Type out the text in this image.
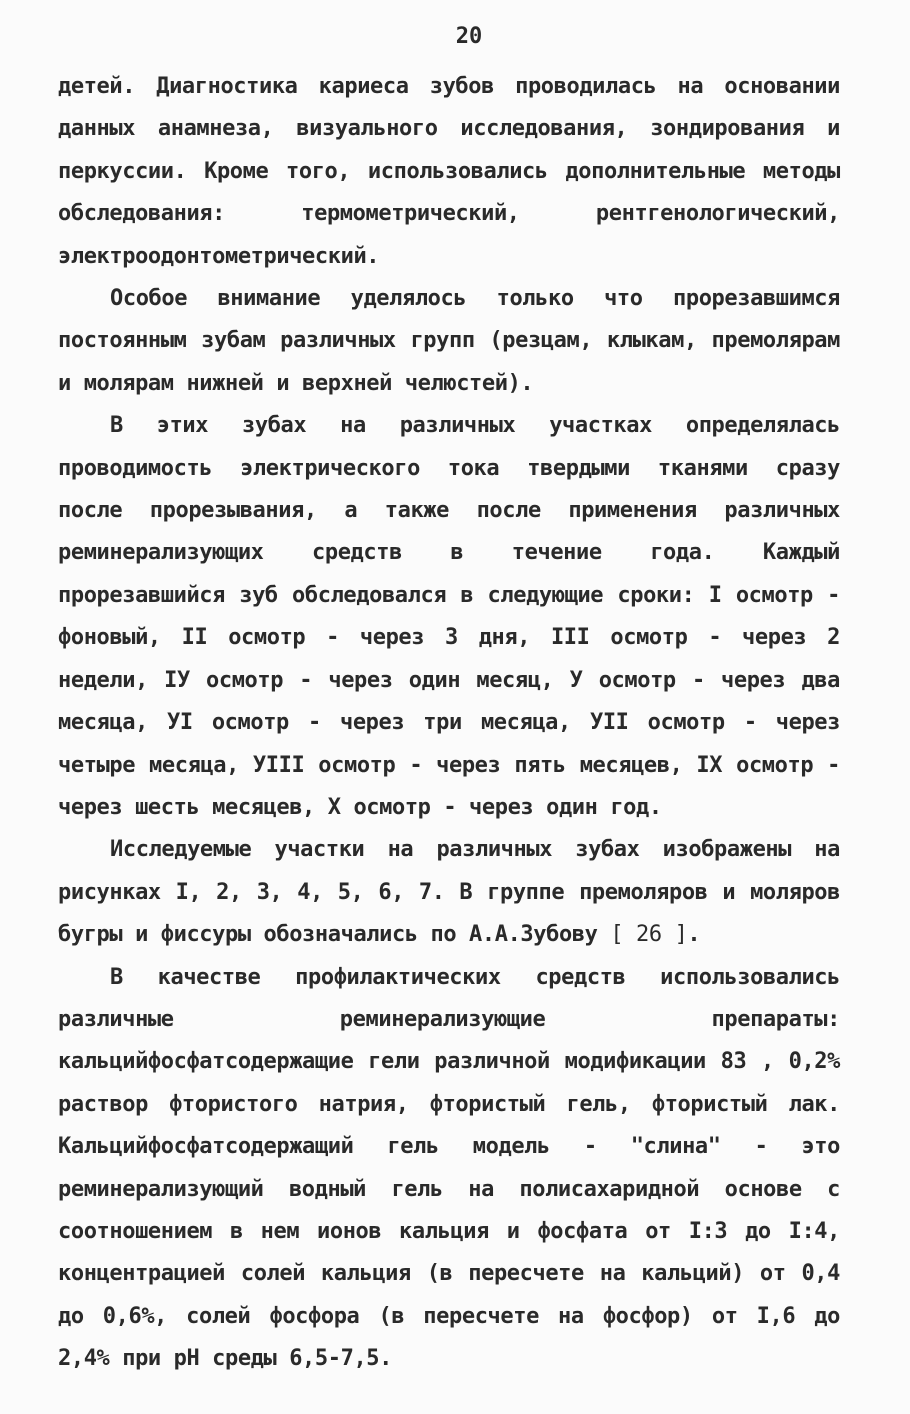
20

детей. Диагностика кариеса зубов проводилась на основании данных анамнеза, визуального исследования, зондирования и перкуссии. Кроме того, использовались дополнительные методы обследования: термометрический, рентгенологический, электроодонтометрический.

Особое внимание уделялось только что прорезавшимся постоянным зубам различных групп (резцам, клыкам, премолярам и молярам нижней и верхней челюстей).

В этих зубах на различных участках определялась проводимость электрического тока твердыми тканями сразу после прорезывания, а также после применения различных реминерализующих средств в течение года. Каждый прорезавшийся зуб обследовался в следующие сроки: I осмотр - фоновый, II осмотр - через 3 дня, III осмотр - через 2 недели, IУ осмотр - через один месяц, У осмотр - через два месяца, УI осмотр - через три месяца, УII осмотр - через четыре месяца, УIII осмотр - через пять месяцев, IX осмотр - через шесть месяцев, X осмотр - через один год.

Исследуемые участки на различных зубах изображены на рисунках I, 2, 3, 4, 5, 6, 7. В группе премоляров и моляров бугры и фиссуры обозначались по А.А.Зубову [ 26 ].

В качестве профилактических средств использовались различные реминерализующие препараты: кальцийфосфатсодержащие гели различной модификации 83 , 0,2% раствор фтористого натрия, фтористый гель, фтористый лак. Кальцийфосфатсодержащий гель модель - "слина" - это реминерализующий водный гель на полисахаридной основе с соотношением в нем ионов кальция и фосфата от I:3 до I:4, концентрацией солей кальция (в пересчете на кальций) от 0,4 до 0,6%, солей фосфора (в пересчете на фосфор) от I,6 до 2,4% при pH среды 6,5-7,5.
